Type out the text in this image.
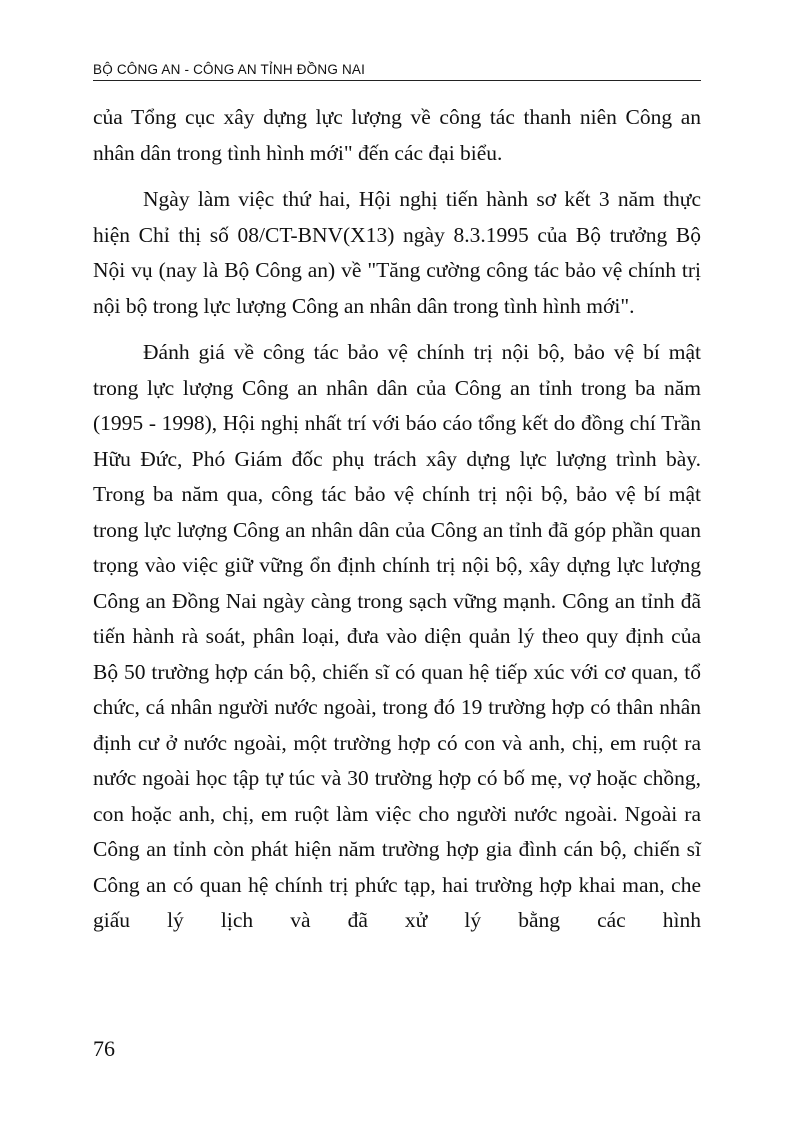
BỘ CÔNG AN - CÔNG AN TỈNH ĐỒNG NAI

của Tổng cục xây dựng lực lượng về công tác thanh niên Công an nhân dân trong tình hình mới" đến các đại biểu.

Ngày làm việc thứ hai, Hội nghị tiến hành sơ kết 3 năm thực hiện Chỉ thị số 08/CT-BNV(X13) ngày 8.3.1995 của Bộ trưởng Bộ Nội vụ (nay là Bộ Công an) về "Tăng cường công tác bảo vệ chính trị nội bộ trong lực lượng Công an nhân dân trong tình hình mới".

Đánh giá về công tác bảo vệ chính trị nội bộ, bảo vệ bí mật trong lực lượng Công an nhân dân của Công an tỉnh trong ba năm (1995 - 1998), Hội nghị nhất trí với báo cáo tổng kết do đồng chí Trần Hữu Đức, Phó Giám đốc phụ trách xây dựng lực lượng trình bày. Trong ba năm qua, công tác bảo vệ chính trị nội bộ, bảo vệ bí mật trong lực lượng Công an nhân dân của Công an tỉnh đã góp phần quan trọng vào việc giữ vững ổn định chính trị nội bộ, xây dựng lực lượng Công an Đồng Nai ngày càng trong sạch vững mạnh. Công an tỉnh đã tiến hành rà soát, phân loại, đưa vào diện quản lý theo quy định của Bộ 50 trường hợp cán bộ, chiến sĩ có quan hệ tiếp xúc với cơ quan, tổ chức, cá nhân người nước ngoài, trong đó 19 trường hợp có thân nhân định cư ở nước ngoài, một trường hợp có con và anh, chị, em ruột ra nước ngoài học tập tự túc và 30 trường hợp có bố mẹ, vợ hoặc chồng, con hoặc anh, chị, em ruột làm việc cho người nước ngoài. Ngoài ra Công an tỉnh còn phát hiện năm trường hợp gia đình cán bộ, chiến sĩ Công an có quan hệ chính trị phức tạp, hai trường hợp khai man, che giấu lý lịch và đã xử lý bằng các hình

76
